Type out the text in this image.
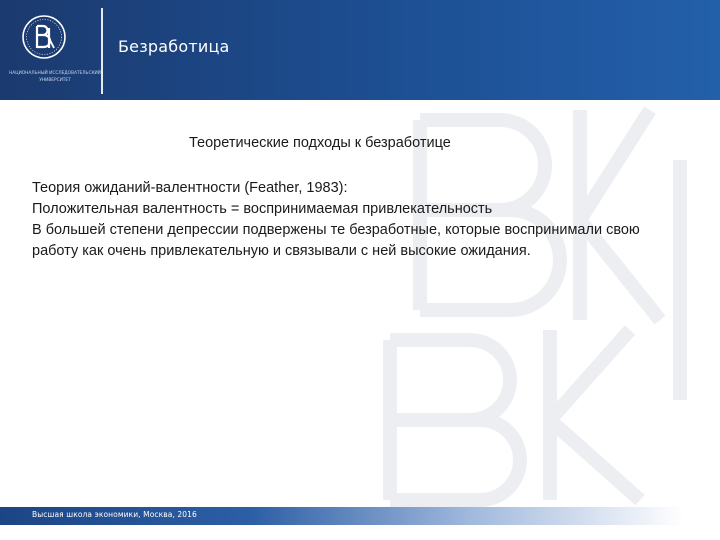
НАЦИОНАЛЬНЫЙ ИССЛЕДОВАТЕЛЬСКИЙ УНИВЕРСИТЕТ
Безработица
Теоретические подходы к безработице

Теория ожиданий-валентности (Feather, 1983):

Положительная валентность = воспринимаемая привлекательность

В большей степени депрессии подвержены те безработные, которые воспринимали свою работу как очень привлекательную и связывали с ней высокие ожидания.

Высшая школа экономики, Москва, 2016
